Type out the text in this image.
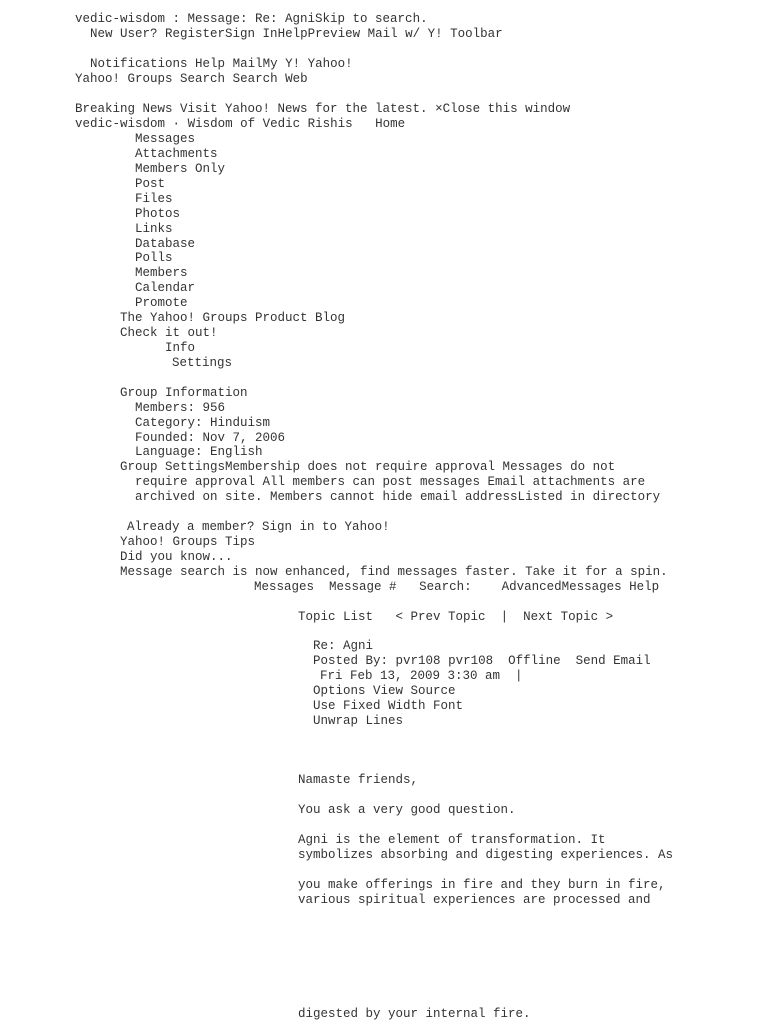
vedic-wisdom : Message: Re: AgniSkip to search.
New User? RegisterSign InHelpPreview Mail w/ Y! Toolbar
Notifications Help MailMy Y! Yahoo!
Yahoo! Groups Search Search Web
Breaking News Visit Yahoo! News for the latest. ×Close this window
vedic-wisdom · Wisdom of Vedic Rishis Home
Messages
Attachments
Members Only
Post
Files
Photos
Links
Database
Polls
Members
Calendar
Promote
The Yahoo! Groups Product Blog
Check it out!
Info
Settings
Group Information
Members: 956
Category: Hinduism
Founded: Nov 7, 2006
Language: English
Group SettingsMembership does not require approval Messages do not
require approval All members can post messages Email attachments are
archived on site. Members cannot hide email addressListed in directory
Already a member? Sign in to Yahoo!
Yahoo! Groups Tips
Did you know...
Message search is now enhanced, find messages faster. Take it for a spin.
Messages Message # Search: AdvancedMessages Help
Topic List < Prev Topic | Next Topic >
Re: Agni
Posted By: pvr108 pvr108 Offline Send Email
Fri Feb 13, 2009 3:30 am |
Options View Source
Use Fixed Width Font
Unwrap Lines
Namaste friends,
You ask a very good question.
Agni is the element of transformation. It
symbolizes absorbing and digesting experiences. As
you make offerings in fire and they burn in fire,
various spiritual experiences are processed and
digested by your internal fire.
